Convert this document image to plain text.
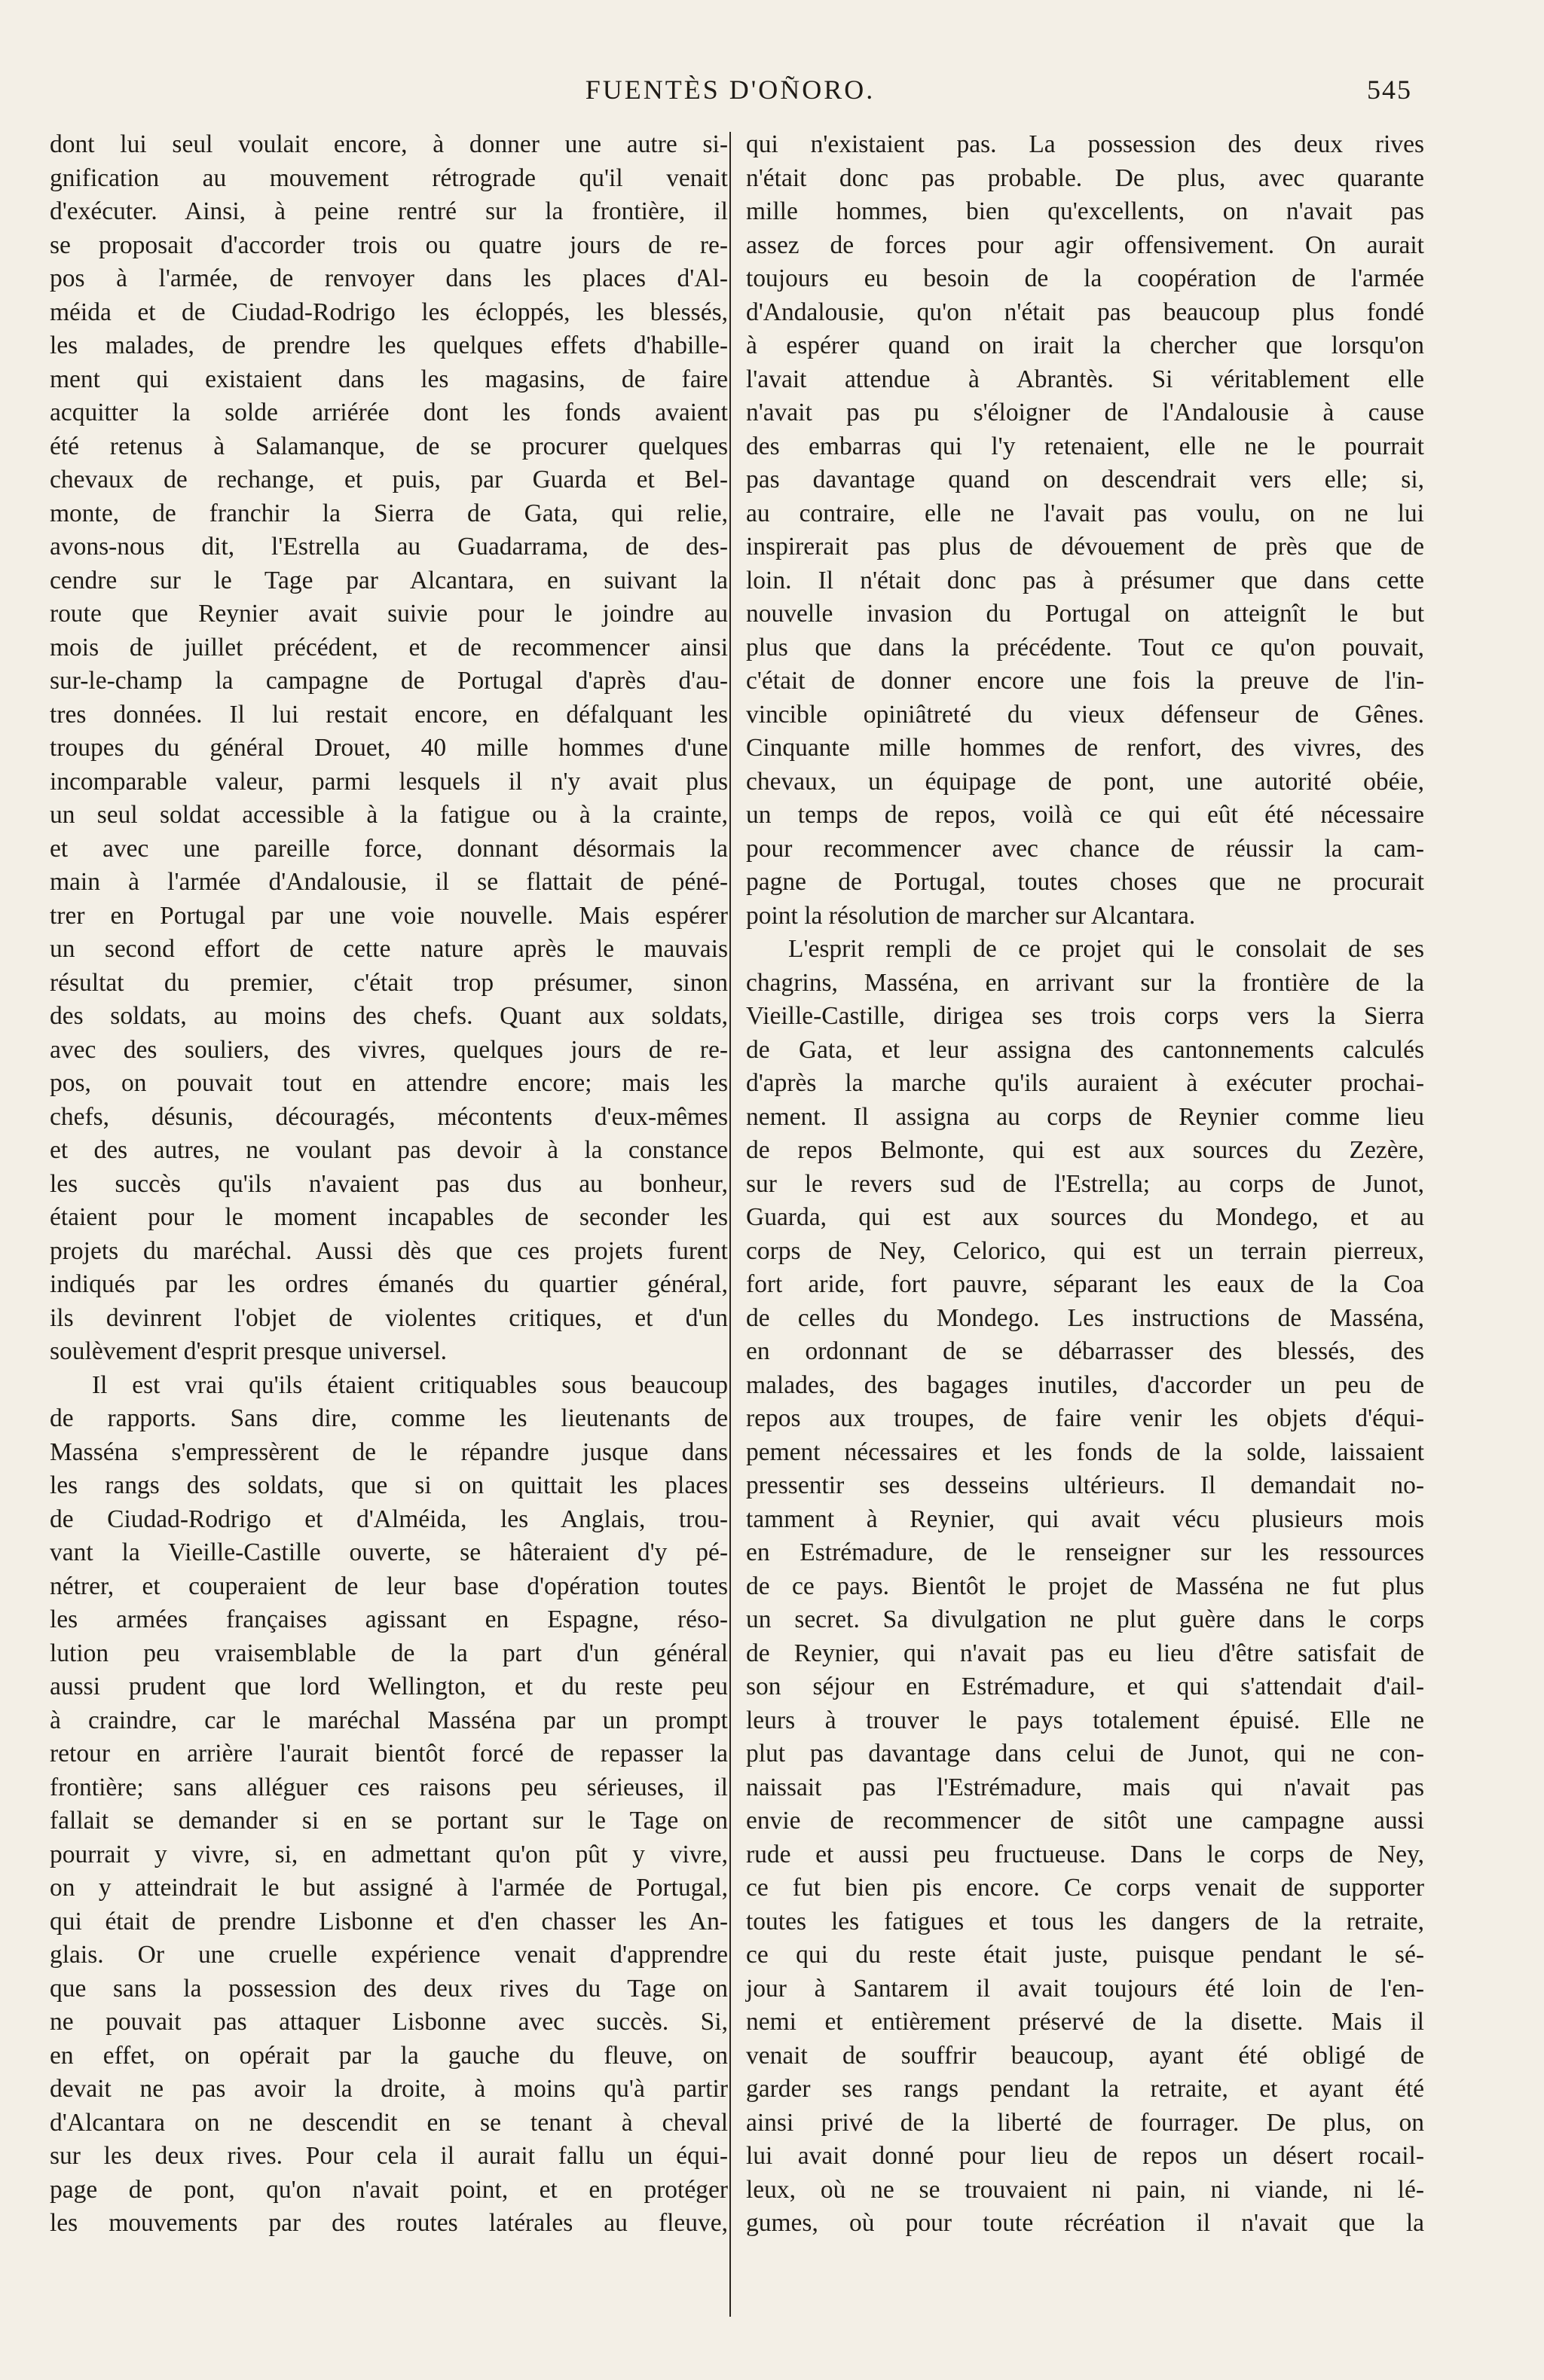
FUENTÈS D'OÑORO.	545
dont lui seul voulait encore, à donner une autre si-
gnification au mouvement rétrograde qu'il venait
d'exécuter. Ainsi, à peine rentré sur la frontière, il
se proposait d'accorder trois ou quatre jours de re-
pos à l'armée, de renvoyer dans les places d'Al-
méida et de Ciudad-Rodrigo les écloppés, les blessés,
les malades, de prendre les quelques effets d'habille-
ment qui existaient dans les magasins, de faire
acquitter la solde arriérée dont les fonds avaient
été retenus à Salamanque, de se procurer quelques
chevaux de rechange, et puis, par Guarda et Bel-
monte, de franchir la Sierra de Gata, qui relie,
avons-nous dit, l'Estrella au Guadarrama, de des-
cendre sur le Tage par Alcantara, en suivant la
route que Reynier avait suivie pour le joindre au
mois de juillet précédent, et de recommencer ainsi
sur-le-champ la campagne de Portugal d'après d'au-
tres données. Il lui restait encore, en défalquant les
troupes du général Drouet, 40 mille hommes d'une
incomparable valeur, parmi lesquels il n'y avait plus
un seul soldat accessible à la fatigue ou à la crainte,
et avec une pareille force, donnant désormais la
main à l'armée d'Andalousie, il se flattait de péné-
trer en Portugal par une voie nouvelle. Mais espérer
un second effort de cette nature après le mauvais
résultat du premier, c'était trop présumer, sinon
des soldats, au moins des chefs. Quant aux soldats,
avec des souliers, des vivres, quelques jours de re-
pos, on pouvait tout en attendre encore; mais les
chefs, désunis, découragés, mécontents d'eux-mêmes
et des autres, ne voulant pas devoir à la constance
les succès qu'ils n'avaient pas dus au bonheur,
étaient pour le moment incapables de seconder les
projets du maréchal. Aussi dès que ces projets furent
indiqués par les ordres émanés du quartier général,
ils devinrent l'objet de violentes critiques, et d'un
soulèvement d'esprit presque universel.
Il est vrai qu'ils étaient critiquables sous beaucoup
de rapports. Sans dire, comme les lieutenants de
Masséna s'empressèrent de le répandre jusque dans
les rangs des soldats, que si on quittait les places
de Ciudad-Rodrigo et d'Alméida, les Anglais, trou-
vant la Vieille-Castille ouverte, se hâteraient d'y pé-
nétrer, et couperaient de leur base d'opération toutes
les armées françaises agissant en Espagne, réso-
lution peu vraisemblable de la part d'un général
aussi prudent que lord Wellington, et du reste peu
à craindre, car le maréchal Masséna par un prompt
retour en arrière l'aurait bientôt forcé de repasser la
frontière; sans alléguer ces raisons peu sérieuses, il
fallait se demander si en se portant sur le Tage on
pourrait y vivre, si, en admettant qu'on pût y vivre,
on y atteindrait le but assigné à l'armée de Portugal,
qui était de prendre Lisbonne et d'en chasser les An-
glais. Or une cruelle expérience venait d'apprendre
que sans la possession des deux rives du Tage on
ne pouvait pas attaquer Lisbonne avec succès. Si,
en effet, on opérait par la gauche du fleuve, on
devait ne pas avoir la droite, à moins qu'à partir
d'Alcantara on ne descendit en se tenant à cheval
sur les deux rives. Pour cela il aurait fallu un équi-
page de pont, qu'on n'avait point, et en protéger
les mouvements par des routes latérales au fleuve,
qui n'existaient pas. La possession des deux rives
n'était donc pas probable. De plus, avec quarante
mille hommes, bien qu'excellents, on n'avait pas
assez de forces pour agir offensivement. On aurait
toujours eu besoin de la coopération de l'armée
d'Andalousie, qu'on n'était pas beaucoup plus fondé
à espérer quand on irait la chercher que lorsqu'on
l'avait attendue à Abrantès. Si véritablement elle
n'avait pas pu s'éloigner de l'Andalousie à cause
des embarras qui l'y retenaient, elle ne le pourrait
pas davantage quand on descendrait vers elle; si,
au contraire, elle ne l'avait pas voulu, on ne lui
inspirerait pas plus de dévouement de près que de
loin. Il n'était donc pas à présumer que dans cette
nouvelle invasion du Portugal on atteignît le but
plus que dans la précédente. Tout ce qu'on pouvait,
c'était de donner encore une fois la preuve de l'in-
vincible opiniâtreté du vieux défenseur de Gênes.
Cinquante mille hommes de renfort, des vivres, des
chevaux, un équipage de pont, une autorité obéie,
un temps de repos, voilà ce qui eût été nécessaire
pour recommencer avec chance de réussir la cam-
pagne de Portugal, toutes choses que ne procurait
point la résolution de marcher sur Alcantara.
L'esprit rempli de ce projet qui le consolait de ses
chagrins, Masséna, en arrivant sur la frontière de la
Vieille-Castille, dirigea ses trois corps vers la Sierra
de Gata, et leur assigna des cantonnements calculés
d'après la marche qu'ils auraient à exécuter prochai-
nement. Il assigna au corps de Reynier comme lieu
de repos Belmonte, qui est aux sources du Zezère,
sur le revers sud de l'Estrella; au corps de Junot,
Guarda, qui est aux sources du Mondego, et au
corps de Ney, Celorico, qui est un terrain pierreux,
fort aride, fort pauvre, séparant les eaux de la Coa
de celles du Mondego. Les instructions de Masséna,
en ordonnant de se débarrasser des blessés, des
malades, des bagages inutiles, d'accorder un peu de
repos aux troupes, de faire venir les objets d'équi-
pement nécessaires et les fonds de la solde, laissaient
pressentir ses desseins ultérieurs. Il demandait no-
tamment à Reynier, qui avait vécu plusieurs mois
en Estrémadure, de le renseigner sur les ressources
de ce pays. Bientôt le projet de Masséna ne fut plus
un secret. Sa divulgation ne plut guère dans le corps
de Reynier, qui n'avait pas eu lieu d'être satisfait de
son séjour en Estrémadure, et qui s'attendait d'ail-
leurs à trouver le pays totalement épuisé. Elle ne
plut pas davantage dans celui de Junot, qui ne con-
naissait pas l'Estrémadure, mais qui n'avait pas
envie de recommencer de sitôt une campagne aussi
rude et aussi peu fructueuse. Dans le corps de Ney,
ce fut bien pis encore. Ce corps venait de supporter
toutes les fatigues et tous les dangers de la retraite,
ce qui du reste était juste, puisque pendant le sé-
jour à Santarem il avait toujours été loin de l'en-
nemi et entièrement préservé de la disette. Mais il
venait de souffrir beaucoup, ayant été obligé de
garder ses rangs pendant la retraite, et ayant été
ainsi privé de la liberté de fourrager. De plus, on
lui avait donné pour lieu de repos un désert rocail-
leux, où ne se trouvaient ni pain, ni viande, ni lé-
gumes, où pour toute récréation il n'avait que la
